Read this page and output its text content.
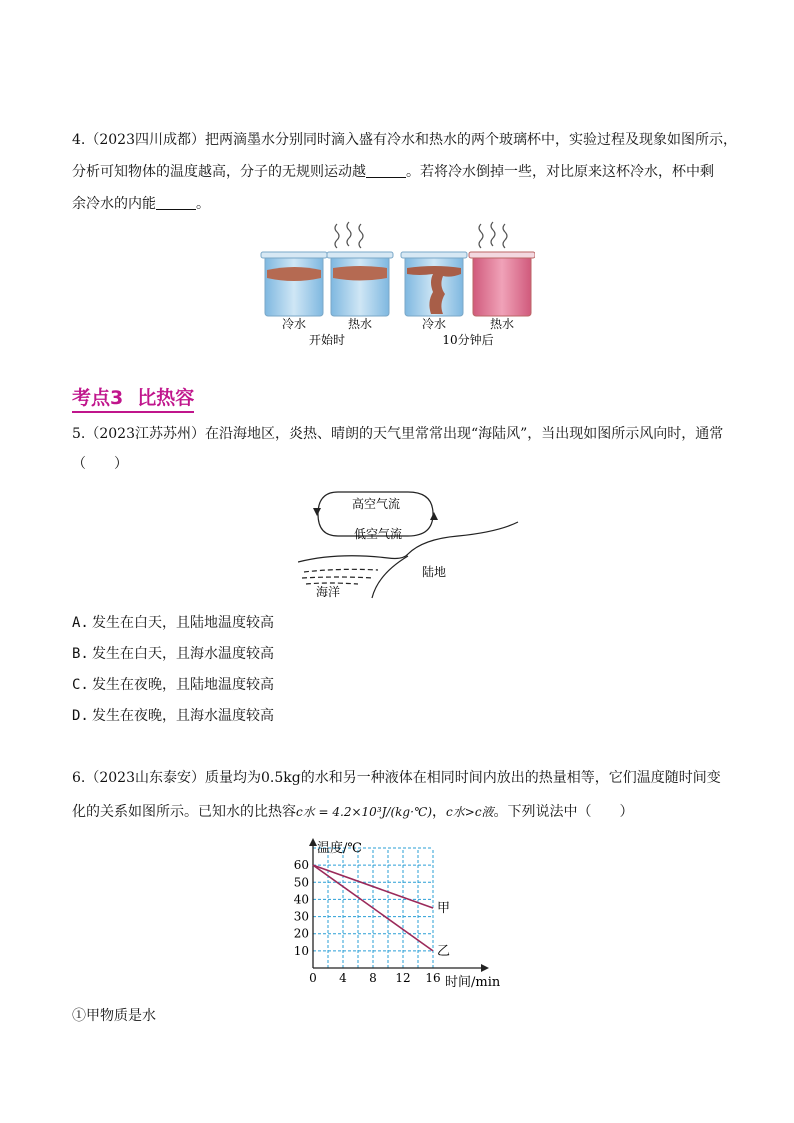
4.（2023四川成都）把两滴墨水分别同时滴入盛有冷水和热水的两个玻璃杯中，实验过程及现象如图所示，
分析可知物体的温度越高，分子的无规则运动越	。若将冷水倒掉一些，对比原来这杯冷水，杯中剩
余冷水的内能	。
冷水	热水	冷水	热水
开始时	10分钟后
考点3 比热容
5.（2023江苏苏州）在沿海地区，炎热、晴朗的天气里常常出现“海陆风”，当出现如图所示风向时，通常
（　　）
高空气流
低空气流
陆地
海洋
A. 发生在白天，且陆地温度较高
B. 发生在白天，且海水温度较高
C. 发生在夜晚，且陆地温度较高
D. 发生在夜晚，且海水温度较高
6.（2023山东泰安）质量均为0.5kg的水和另一种液体在相同时间内放出的热量相等，它们温度随时间变
化的关系如图所示。已知水的比热容c水 = 4.2×10³J/(kg·℃)，c水>c液。下列说法中（　　）
0 4 8 12 16
10
20
30
40
50
60
甲
乙
温度/℃
时间/min
①甲物质是水
